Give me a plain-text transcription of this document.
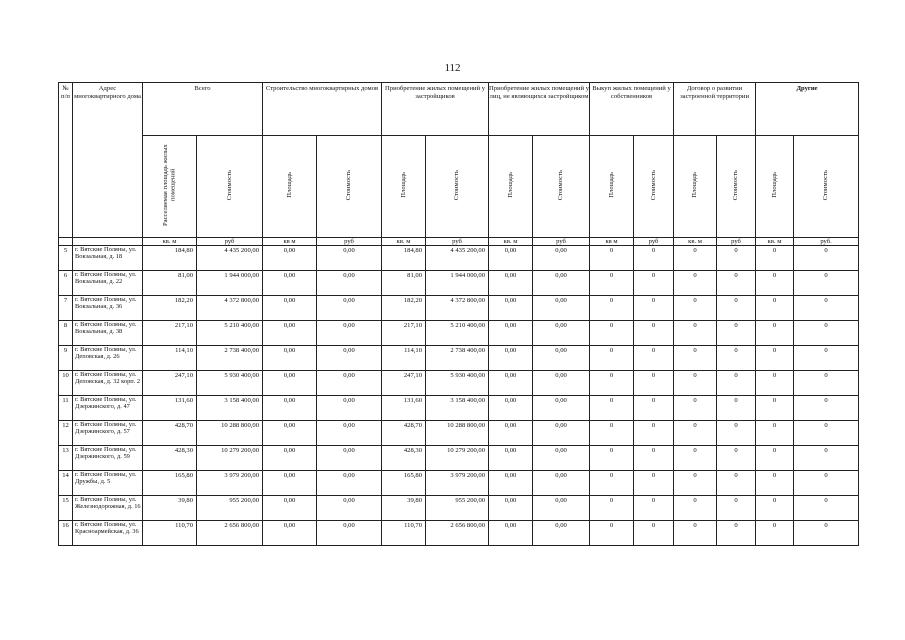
112
№ п/п	Адрес многоквартирного дома	Всего		Строительство многоквартирных домов		Приобретение жилых помещений у застройщиков		Приобретение жилых помещений у лиц, не являющихся застройщиком		Выкуп жилых помещений у собственников		Договор о развитии застроенной территории		Другие	
		Расселяемая площадь жилых помещений	Стоимость	Площадь	Стоимость	Площадь	Стоимость	Площадь	Стоимость	Площадь	Стоимость	Площадь	Стоимость	Площадь	Стоимость
		кв. м	руб	кв м	руб	кв. м	руб	кв. м	руб	кв м	руб	кв. м	руб	кв. м	руб.
5	г. Вятские Поляны, ул. Вокзальная, д. 18	184,80	4 435 200,00	0,00	0,00	184,80	4 435 200,00	0,00	0,00	0	0	0	0	0	0
6	г. Вятские Поляны, ул. Вокзальная, д. 22	81,00	1 944 000,00	0,00	0,00	81,00	1 944 000,00	0,00	0,00	0	0	0	0	0	0
7	г. Вятские Поляны, ул. Вокзальная, д. 36	182,20	4 372 800,00	0,00	0,00	182,20	4 372 800,00	0,00	0,00	0	0	0	0	0	0
8	г. Вятские Поляны, ул. Вокзальная, д. 38	217,10	5 210 400,00	0,00	0,00	217,10	5 210 400,00	0,00	0,00	0	0	0	0	0	0
9	г. Вятские Поляны, ул. Деповская, д. 26	114,10	2 738 400,00	0,00	0,00	114,10	2 738 400,00	0,00	0,00	0	0	0	0	0	0
10	г. Вятские Поляны, ул. Деповская, д. 32 корп. 2	247,10	5 930 400,00	0,00	0,00	247,10	5 930 400,00	0,00	0,00	0	0	0	0	0	0
11	г. Вятские Поляны, ул. Дзержинского, д. 47	131,60	3 158 400,00	0,00	0,00	131,60	3 158 400,00	0,00	0,00	0	0	0	0	0	0
12	г. Вятские Поляны, ул. Дзержинского, д. 57	428,70	10 288 800,00	0,00	0,00	428,70	10 288 800,00	0,00	0,00	0	0	0	0	0	0
13	г. Вятские Поляны, ул. Дзержинского, д. 59	428,30	10 279 200,00	0,00	0,00	428,30	10 279 200,00	0,00	0,00	0	0	0	0	0	0
14	г. Вятские Поляны, ул. Дружбы, д. 5	165,80	3 979 200,00	0,00	0,00	165,80	3 979 200,00	0,00	0,00	0	0	0	0	0	0
15	г. Вятские Поляны, ул. Железнодорожная, д. 16	39,80	955 200,00	0,00	0,00	39,80	955 200,00	0,00	0,00	0	0	0	0	0	0
16	г. Вятские Поляны, ул. Красноармейская, д. 36	110,70	2 656 800,00	0,00	0,00	110,70	2 656 800,00	0,00	0,00	0	0	0	0	0	0
